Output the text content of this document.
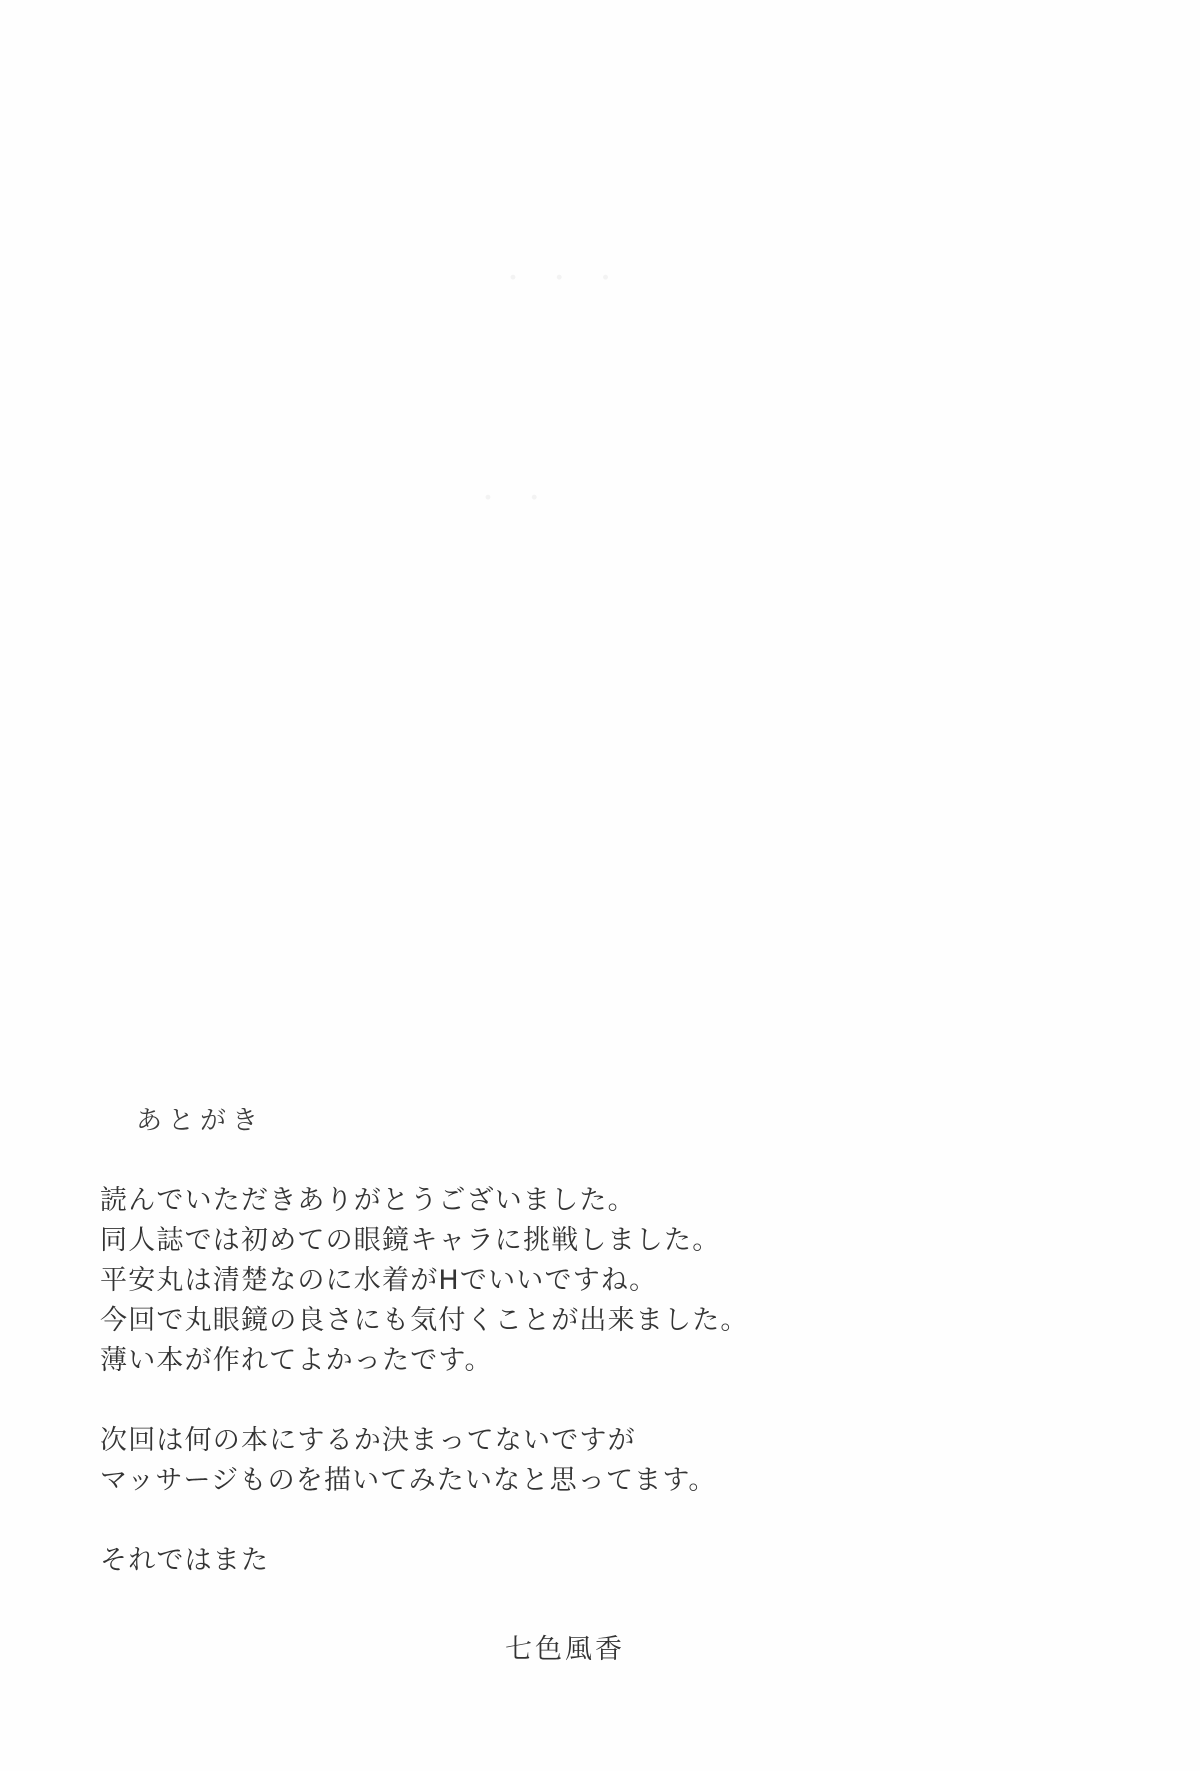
・ ・ ・
・ ・
あとがき

読んでいただきありがとうございました。

同人誌では初めての眼鏡キャラに挑戦しました。

平安丸は清楚なのに水着がHでいいですね。

今回で丸眼鏡の良さにも気付くことが出来ました。

薄い本が作れてよかったです。

次回は何の本にするか決まってないですが

マッサージものを描いてみたいなと思ってます。

それではまた

七色風香
